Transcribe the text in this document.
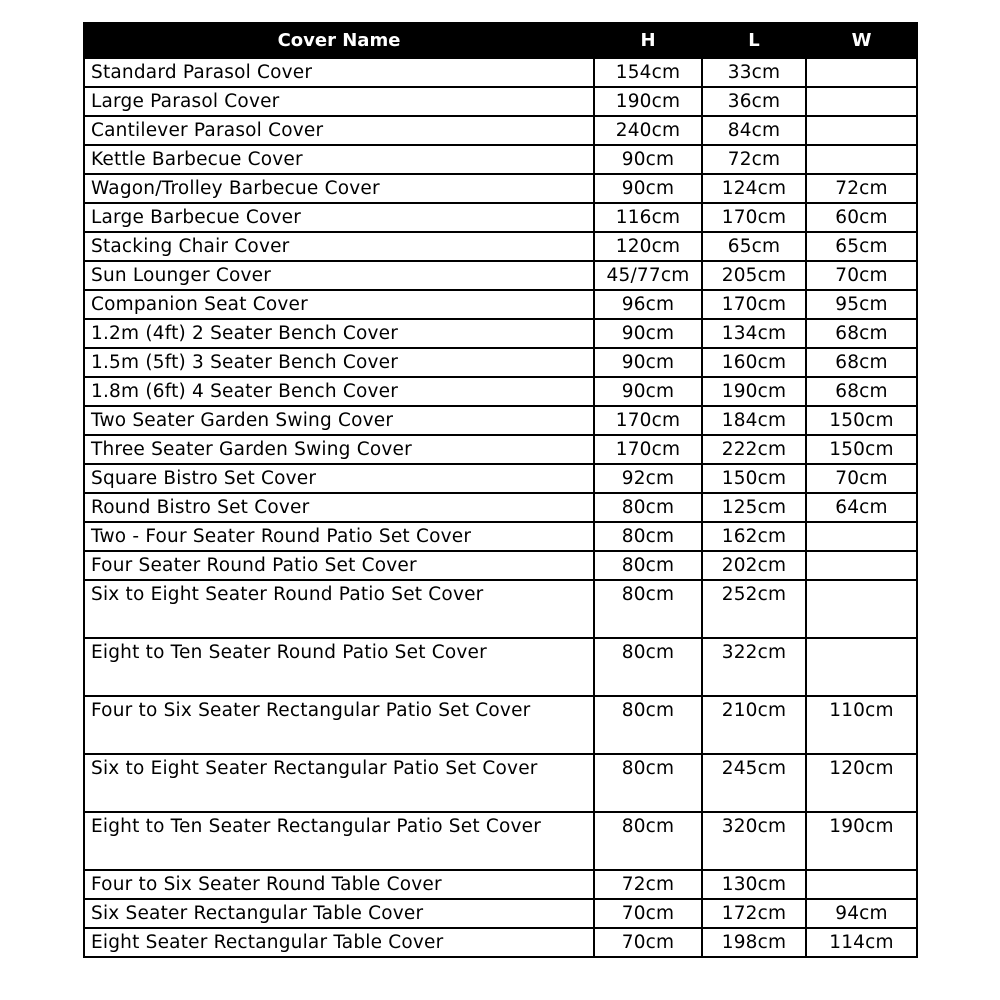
Cover Name	H	L	W
Standard Parasol Cover	154cm	33cm	
Large Parasol Cover	190cm	36cm	
Cantilever Parasol Cover	240cm	84cm	
Kettle Barbecue Cover	90cm	72cm	
Wagon/Trolley Barbecue Cover	90cm	124cm	72cm
Large Barbecue Cover	116cm	170cm	60cm
Stacking Chair Cover	120cm	65cm	65cm
Sun Lounger Cover	45/77cm	205cm	70cm
Companion Seat Cover	96cm	170cm	95cm
1.2m (4ft) 2 Seater Bench Cover	90cm	134cm	68cm
1.5m (5ft) 3 Seater Bench Cover	90cm	160cm	68cm
1.8m (6ft) 4 Seater Bench Cover	90cm	190cm	68cm
Two Seater Garden Swing Cover	170cm	184cm	150cm
Three Seater Garden Swing Cover	170cm	222cm	150cm
Square Bistro Set Cover	92cm	150cm	70cm
Round Bistro Set Cover	80cm	125cm	64cm
Two - Four Seater Round Patio Set Cover	80cm	162cm	
Four Seater Round Patio Set Cover	80cm	202cm	
Six to Eight Seater Round Patio Set Cover	80cm	252cm	
Eight to Ten Seater Round Patio Set Cover	80cm	322cm	
Four to Six Seater Rectangular Patio Set Cover	80cm	210cm	110cm
Six to Eight Seater Rectangular Patio Set Cover	80cm	245cm	120cm
Eight to Ten Seater Rectangular Patio Set Cover	80cm	320cm	190cm
Four to Six Seater Round Table Cover	72cm	130cm	
Six Seater Rectangular Table Cover	70cm	172cm	94cm
Eight Seater Rectangular Table Cover	70cm	198cm	114cm
